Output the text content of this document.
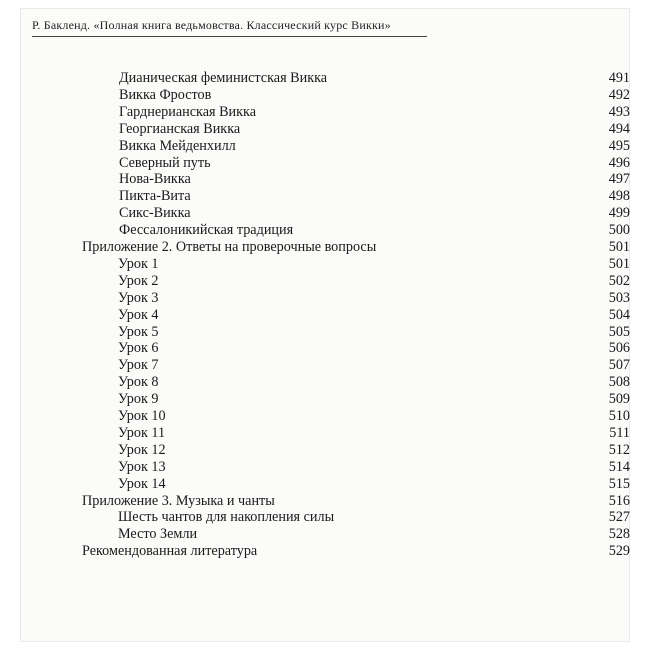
Р. Бакленд. «Полная книга ведьмовства. Классический курс Викки»
Дианическая феминистская Викка	491
Викка Фростов	492
Гарднерианская Викка	493
Георгианская Викка	494
Викка Мейденхилл	495
Северный путь	496
Нова-Викка	497
Пикта-Вита	498
Сикс-Викка	499
Фессалоникийская традиция	500
Приложение 2. Ответы на проверочные вопросы	501
Урок 1	501
Урок 2	502
Урок 3	503
Урок 4	504
Урок 5	505
Урок 6	506
Урок 7	507
Урок 8	508
Урок 9	509
Урок 10	510
Урок 11	511
Урок 12	512
Урок 13	514
Урок 14	515
Приложение 3. Музыка и чанты	516
Шесть чантов для накопления силы	527
Место Земли	528
Рекомендованная литература	529
